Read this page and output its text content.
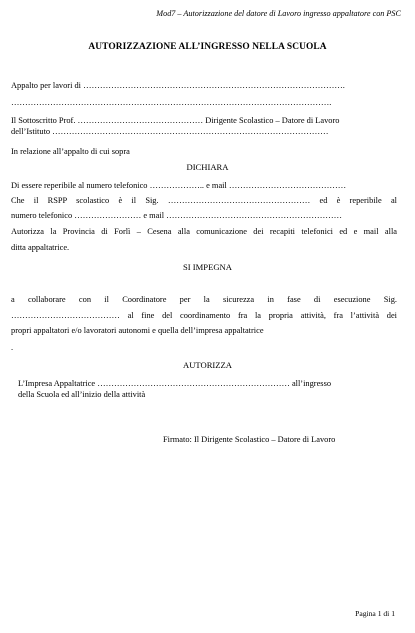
Mod7 – Autorizzazione del datore di Lavoro ingresso appaltatore con PSC

AUTORIZZAZIONE ALL’INGRESSO NELLA SCUOLA

Appalto per lavori di ………………………………………………………………………………….

…………………………………………………………………………………………………….

Il Sottoscritto Prof. ……………………………………… Dirigente Scolastico – Datore di Lavoro

dell’Istituto ………………………………………………………………………………………

In relazione all’appalto di cui sopra

DICHIARA

Di essere reperibile al numero telefonico ……………….. e mail ……………………………………

Che il RSPP scolastico è il Sig. …………………………………………… ed è reperibile al

numero telefonico …………………… e mail ………………………………………………………

Autorizza la Provincia di Forlì – Cesena alla comunicazione dei recapiti telefonici ed e mail alla

ditta appaltatrice.

SI IMPEGNA

a collaborare con il Coordinatore per la sicurezza in fase di esecuzione Sig.

………………………………… al fine del coordinamento fra la propria attività, fra l’attività dei

propri appaltatori e/o lavoratori autonomi e quella dell’impresa appaltatrice

.

AUTORIZZA

L’Impresa Appaltatrice …………………………………………………………… all’ingresso

della Scuola ed all’inizio della attività

Firmato: Il Dirigente Scolastico – Datore di Lavoro

Pagina 1 di 1
